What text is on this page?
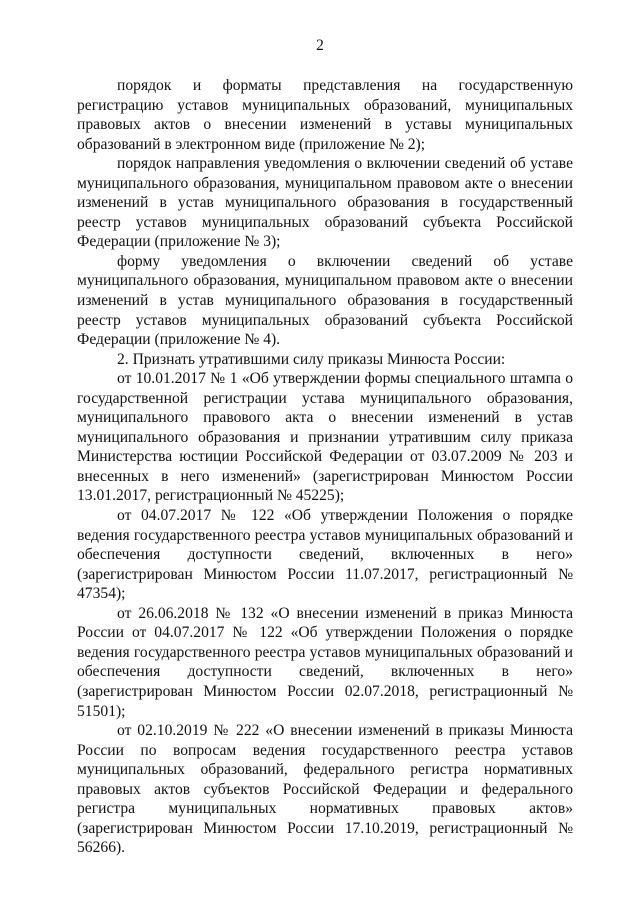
2

порядок и форматы представления на государственную регистрацию уставов муниципальных образований, муниципальных правовых актов о внесении изменений в уставы муниципальных образований в электронном виде (приложение № 2);

порядок направления уведомления о включении сведений об уставе муниципального образования, муниципальном правовом акте о внесении изменений в устав муниципального образования в государственный реестр уставов муниципальных образований субъекта Российской Федерации (приложение № 3);

форму уведомления о включении сведений об уставе муниципального образования, муниципальном правовом акте о внесении изменений в устав муниципального образования в государственный реестр уставов муниципальных образований субъекта Российской Федерации (приложение № 4).

2. Признать утратившими силу приказы Минюста России:

от 10.01.2017 № 1 «Об утверждении формы специального штампа о государственной регистрации устава муниципального образования, муниципального правового акта о внесении изменений в устав муниципального образования и признании утратившим силу приказа Министерства юстиции Российской Федерации от 03.07.2009 № 203 и внесенных в него изменений» (зарегистрирован Минюстом России 13.01.2017, регистрационный № 45225);

от 04.07.2017 № 122 «Об утверждении Положения о порядке ведения государственного реестра уставов муниципальных образований и обеспечения доступности сведений, включенных в него» (зарегистрирован Минюстом России 11.07.2017, регистрационный № 47354);

от 26.06.2018 № 132 «О внесении изменений в приказ Минюста России от 04.07.2017 № 122 «Об утверждении Положения о порядке ведения государственного реестра уставов муниципальных образований и обеспечения доступности сведений, включенных в него» (зарегистрирован Минюстом России 02.07.2018, регистрационный № 51501);

от 02.10.2019 № 222 «О внесении изменений в приказы Минюста России по вопросам ведения государственного реестра уставов муниципальных образований, федерального регистра нормативных правовых актов субъектов Российской Федерации и федерального регистра муниципальных нормативных правовых актов» (зарегистрирован Минюстом России 17.10.2019, регистрационный № 56266).
